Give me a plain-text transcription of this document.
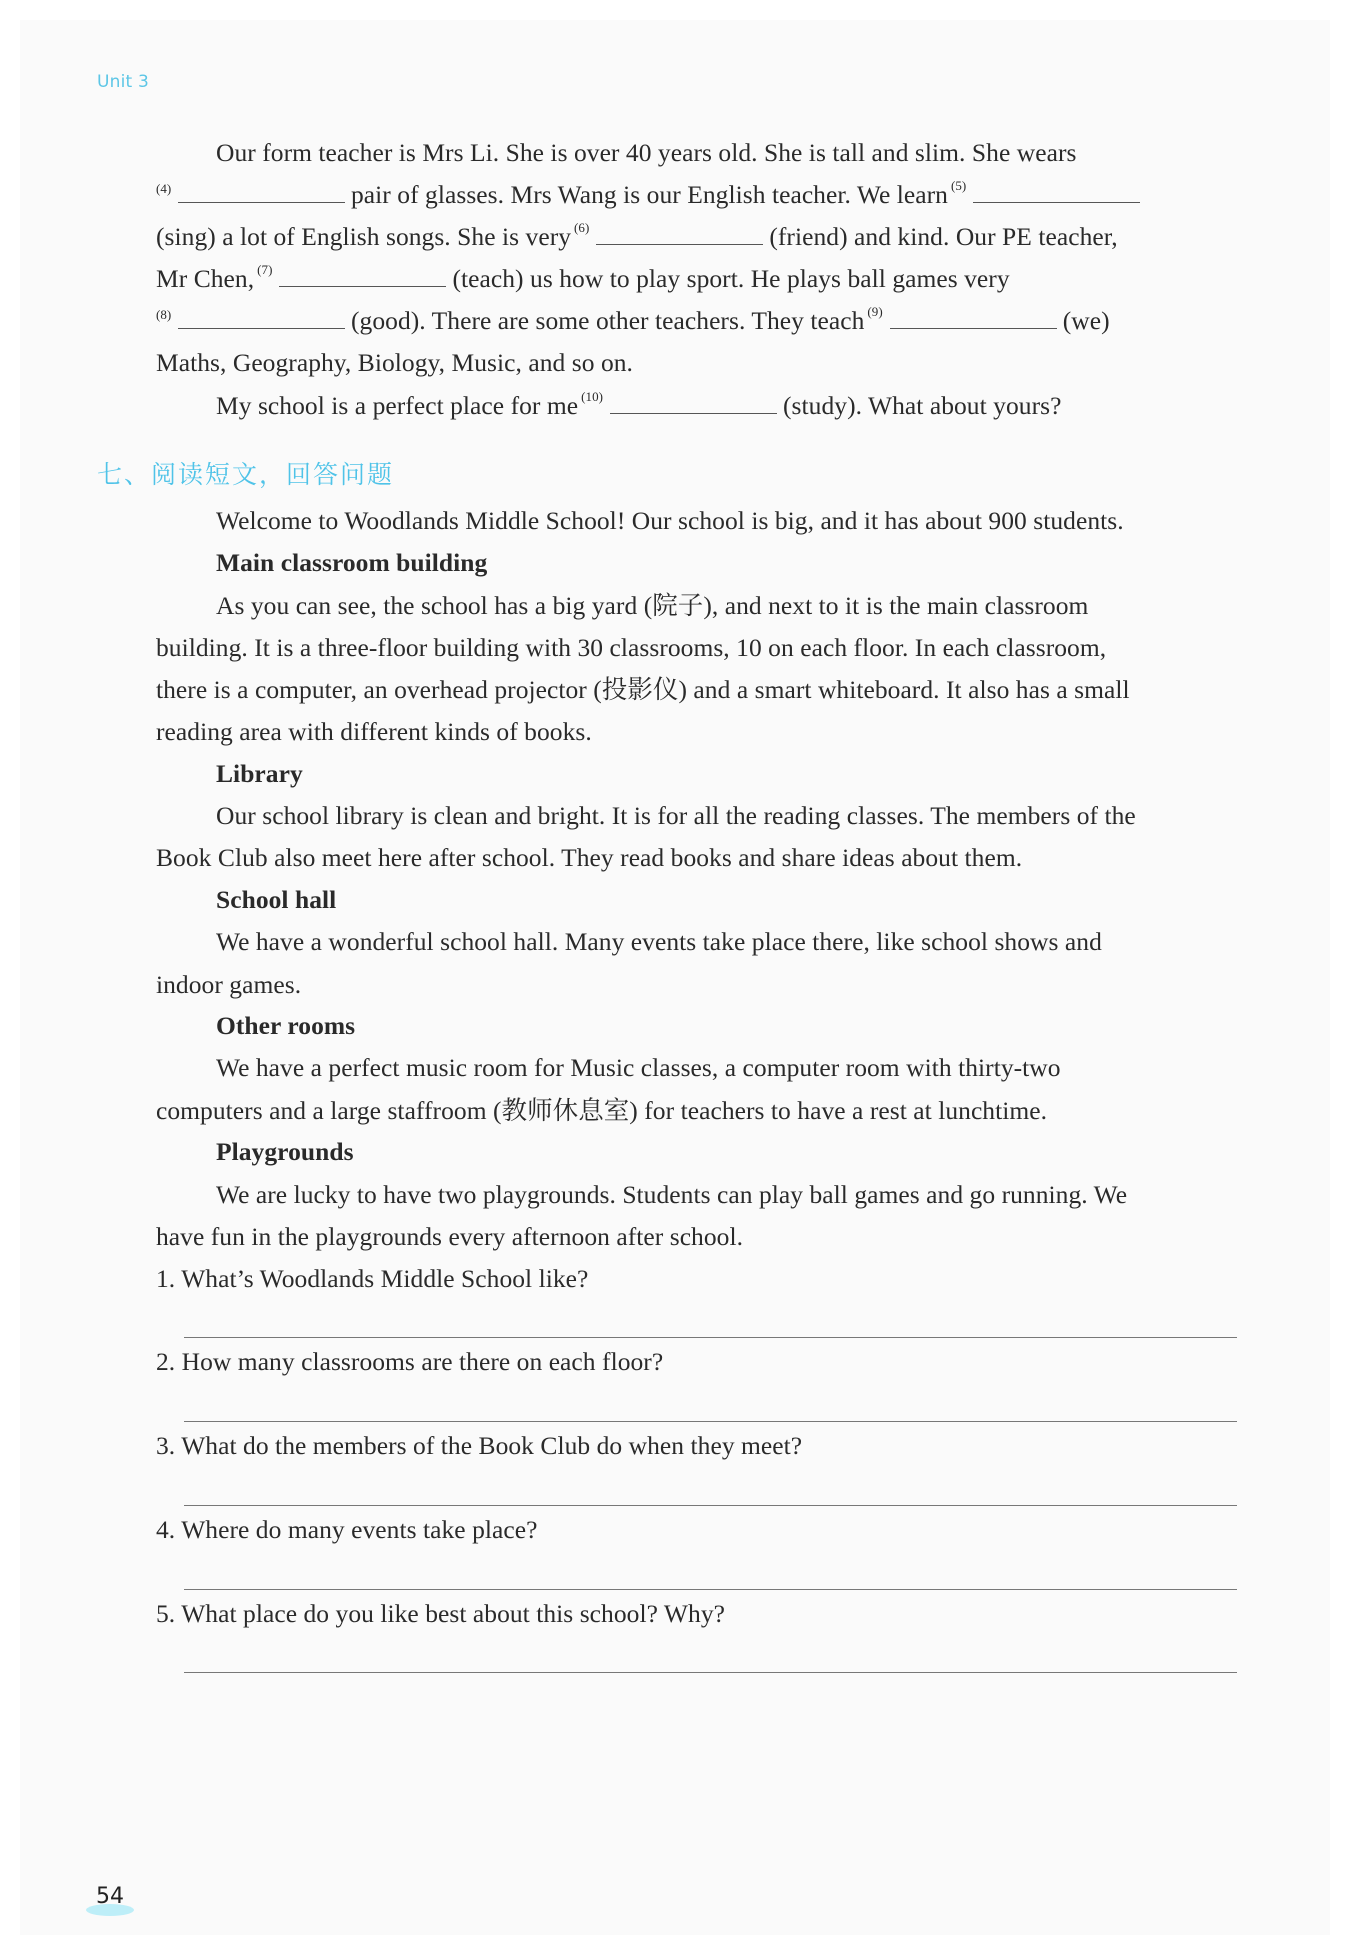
Unit 3
Our form teacher is Mrs Li. She is over 40 years old. She is tall and slim. She wears
(4)	pair of glasses. Mrs Wang is our English teacher. We learn $^{(5)}$
(sing) a lot of English songs. She is very $^{(6)}$	(friend) and kind. Our PE teacher,
Mr Chen, $^{(7)}$	(teach) us how to play sport. He plays ball games very
(8)	(good). There are some other teachers. They teach $^{(9)}$	(we)
Maths, Geography, Biology, Music, and so on.
My school is a perfect place for me $^{(10)}$	(study). What about yours?
七、阅读短文，回答问题
Welcome to Woodlands Middle School! Our school is big, and it has about 900 students.
Main classroom building
As you can see, the school has a big yard (院子), and next to it is the main classroom
building. It is a three-floor building with 30 classrooms, 10 on each floor. In each classroom,
there is a computer, an overhead projector (投影仪) and a smart whiteboard. It also has a small
reading area with different kinds of books.
Library
Our school library is clean and bright. It is for all the reading classes. The members of the
Book Club also meet here after school. They read books and share ideas about them.
School hall
We have a wonderful school hall. Many events take place there, like school shows and
indoor games.
Other rooms
We have a perfect music room for Music classes, a computer room with thirty-two
computers and a large staffroom (教师休息室) for teachers to have a rest at lunchtime.
Playgrounds
We are lucky to have two playgrounds. Students can play ball games and go running. We
have fun in the playgrounds every afternoon after school.
1. What’s Woodlands Middle School like?
2. How many classrooms are there on each floor?
3. What do the members of the Book Club do when they meet?
4. Where do many events take place?
5. What place do you like best about this school? Why?
54
